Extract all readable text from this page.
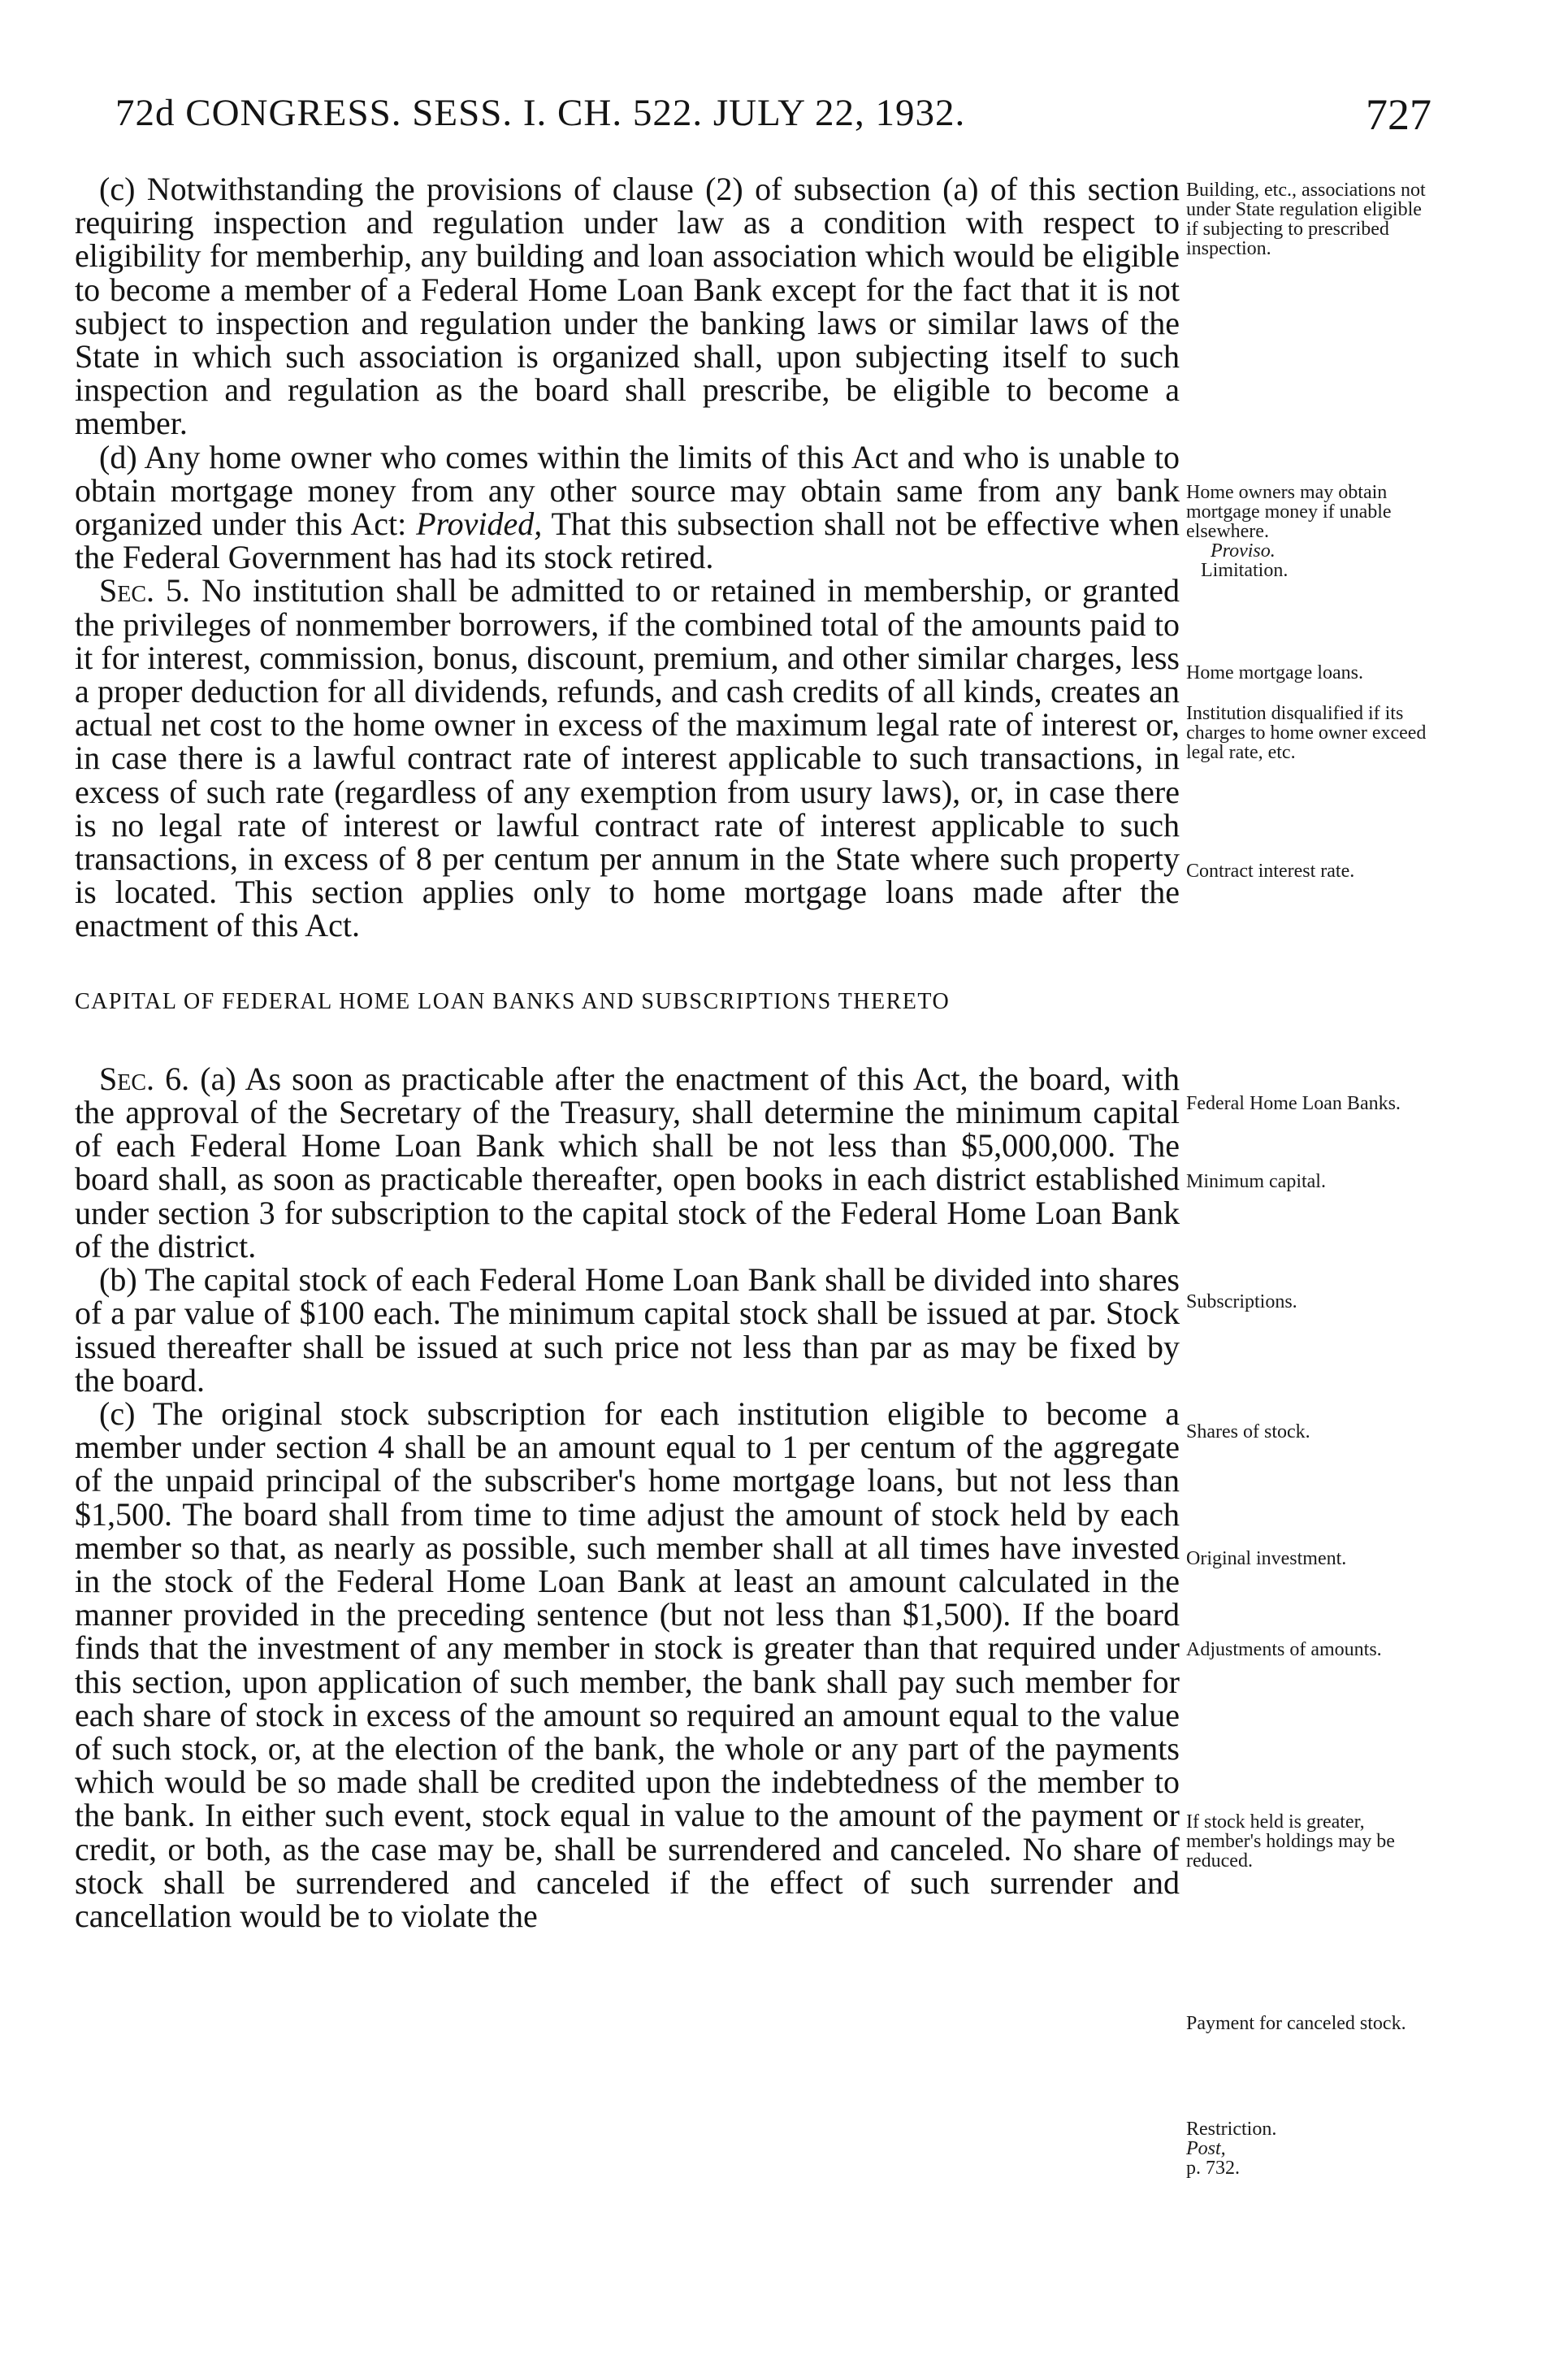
72d CONGRESS. SESS. I. CH. 522. JULY 22, 1932.	727

(c) Notwithstanding the provisions of clause (2) of subsection (a) of this section requiring inspection and regulation under law as a condition with respect to eligibility for memberhip, any building and loan association which would be eligible to become a member of a Federal Home Loan Bank except for the fact that it is not subject to inspection and regulation under the banking laws or similar laws of the State in which such association is organized shall, upon subjecting itself to such inspection and regulation as the board shall prescribe, be eligible to become a member.

(d) Any home owner who comes within the limits of this Act and who is unable to obtain mortgage money from any other source may obtain same from any bank organized under this Act: Provided, That this subsection shall not be effective when the Federal Government has had its stock retired.

Sec. 5. No institution shall be admitted to or retained in membership, or granted the privileges of nonmember borrowers, if the combined total of the amounts paid to it for interest, commission, bonus, discount, premium, and other similar charges, less a proper deduction for all dividends, refunds, and cash credits of all kinds, creates an actual net cost to the home owner in excess of the maximum legal rate of interest or, in case there is a lawful contract rate of interest applicable to such transactions, in excess of such rate (regardless of any exemption from usury laws), or, in case there is no legal rate of interest or lawful contract rate of interest applicable to such transactions, in excess of 8 per centum per annum in the State where such property is located. This section applies only to home mortgage loans made after the enactment of this Act.

CAPITAL OF FEDERAL HOME LOAN BANKS AND SUBSCRIPTIONS THERETO

Sec. 6. (a) As soon as practicable after the enactment of this Act, the board, with the approval of the Secretary of the Treasury, shall determine the minimum capital of each Federal Home Loan Bank which shall be not less than $5,000,000. The board shall, as soon as practicable thereafter, open books in each district established under section 3 for subscription to the capital stock of the Federal Home Loan Bank of the district.

(b) The capital stock of each Federal Home Loan Bank shall be divided into shares of a par value of $100 each. The minimum capital stock shall be issued at par. Stock issued thereafter shall be issued at such price not less than par as may be fixed by the board.

(c) The original stock subscription for each institution eligible to become a member under section 4 shall be an amount equal to 1 per centum of the aggregate of the unpaid principal of the subscriber's home mortgage loans, but not less than $1,500. The board shall from time to time adjust the amount of stock held by each member so that, as nearly as possible, such member shall at all times have invested in the stock of the Federal Home Loan Bank at least an amount calculated in the manner provided in the preceding sentence (but not less than $1,500). If the board finds that the investment of any member in stock is greater than that required under this section, upon application of such member, the bank shall pay such member for each share of stock in excess of the amount so required an amount equal to the value of such stock, or, at the election of the bank, the whole or any part of the payments which would be so made shall be credited upon the indebtedness of the member to the bank. In either such event, stock equal in value to the amount of the payment or credit, or both, as the case may be, shall be surrendered and canceled. No share of stock shall be surrendered and canceled if the effect of such surrender and cancellation would be to violate the

Building, etc., associations not under State regulation eligible if subjecting to prescribed inspection.
Home owners may obtain mortgage money if unable elsewhere.
Proviso.
Limitation.
Home mortgage loans.
Institution disqualified if its charges to home owner exceed legal rate, etc.
Contract interest rate.
Federal Home Loan Banks.
Minimum capital.
Subscriptions.
Shares of stock.
Original investment.
Adjustments of amounts.
If stock held is greater, member's holdings may be reduced.
Payment for canceled stock.
Restriction.
Post,
p. 732.
